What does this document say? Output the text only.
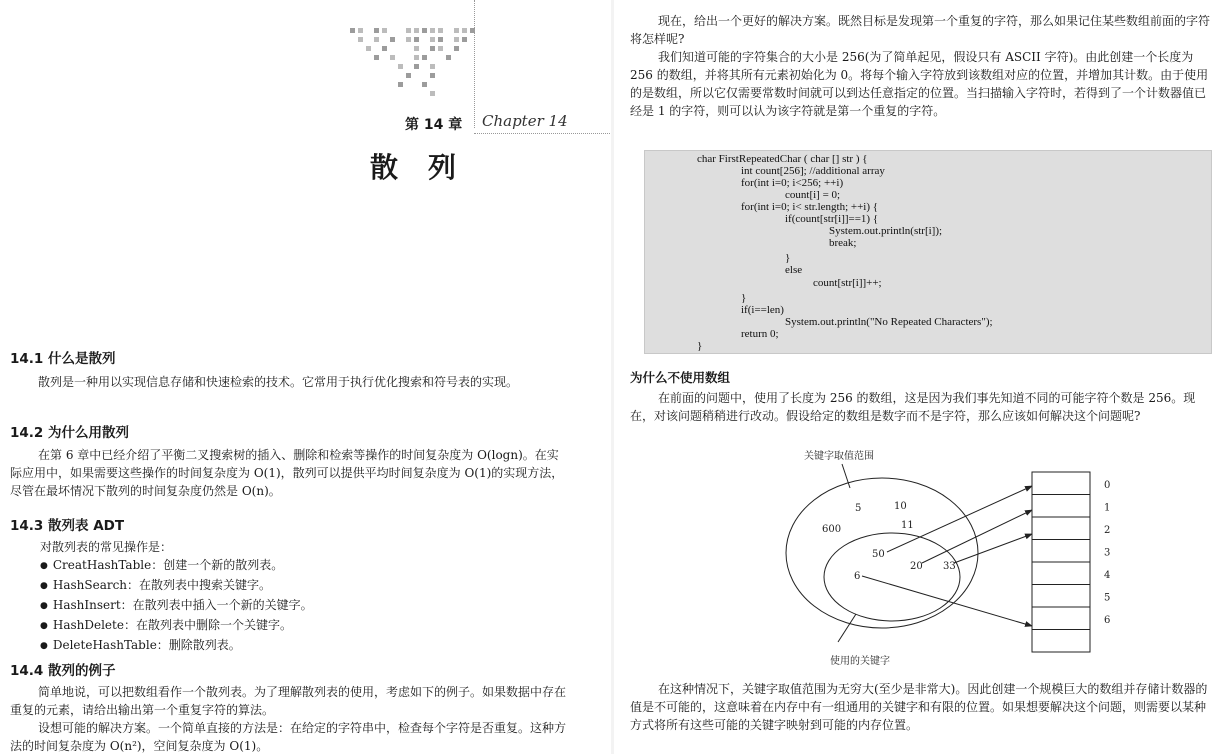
第 14 章 Chapter 14
散列
14.1 什么是散列
散列是一种用以实现信息存储和快速检索的技术。它常用于执行优化搜索和符号表的实现。
14.2 为什么用散列
在第 6 章中已经介绍了平衡二叉搜索树的插入、删除和检索等操作的时间复杂度为 O(logn)。在实际应用中，如果需要这些操作的时间复杂度为 O(1)，散列可以提供平均时间复杂度为 O(1)的实现方法，尽管在最坏情况下散列的时间复杂度仍然是 O(n)。
14.3 散列表 ADT
对散列表的常见操作是：
● CreatHashTable：创建一个新的散列表。
● HashSearch：在散列表中搜索关键字。
● HashInsert：在散列表中插入一个新的关键字。
● HashDelete：在散列表中删除一个关键字。
● DeleteHashTable：删除散列表。
14.4 散列的例子
简单地说，可以把数组看作一个散列表。为了理解散列表的使用，考虑如下的例子。如果数据中存在重复的元素，请给出输出第一个重复字符的算法。
设想可能的解决方案。一个简单直接的方法是：在给定的字符串中，检查每个字符是否重复。这种方法的时间复杂度为 O(n²)，空间复杂度为 O(1)。
现在，给出一个更好的解决方案。既然目标是发现第一个重复的字符，那么如果记住某些数组前面的字符将怎样呢?
我们知道可能的字符集合的大小是 256(为了简单起见，假设只有 ASCII 字符)。由此创建一个长度为 256 的数组，并将其所有元素初始化为 0。将每个输入字符放到该数组对应的位置，并增加其计数。由于使用的是数组，所以它仅需要常数时间就可以到达任意指定的位置。当扫描输入字符时，若得到了一个计数器值已经是 1 的字符，则可以认为该字符就是第一个重复的字符。
char FirstRepeatedChar ( char [] str ) {
int count[256]; //additional array
for(int i=0; i<256; ++i)
count[i] = 0;
for(int i=0; i< str.length; ++i) {
if(count[str[i]]==1) {
System.out.println(str[i]);
break;
}
else
count[str[i]]++;
}
if(i==len)
System.out.println("No Repeated Characters");
return 0;
}
为什么不使用数组
在前面的问题中，使用了长度为 256 的数组，这是因为我们事先知道不同的可能字符个数是 256。现在，对该问题稍稍进行改动。假设给定的数组是数字而不是字符，那么应该如何解决这个问题呢?
关键字取值范围
5	10
11
600
50
20 33
6
使用的关键字
0
1
2
3
4
5
6
在这种情况下，关键字取值范围为无穷大(至少是非常大)。因此创建一个规模巨大的数组并存储计数器的值是不可能的，这意味着在内存中有一组通用的关键字和有限的位置。如果想要解决这个问题，则需要以某种方式将所有这些可能的关键字映射到可能的内存位置。
